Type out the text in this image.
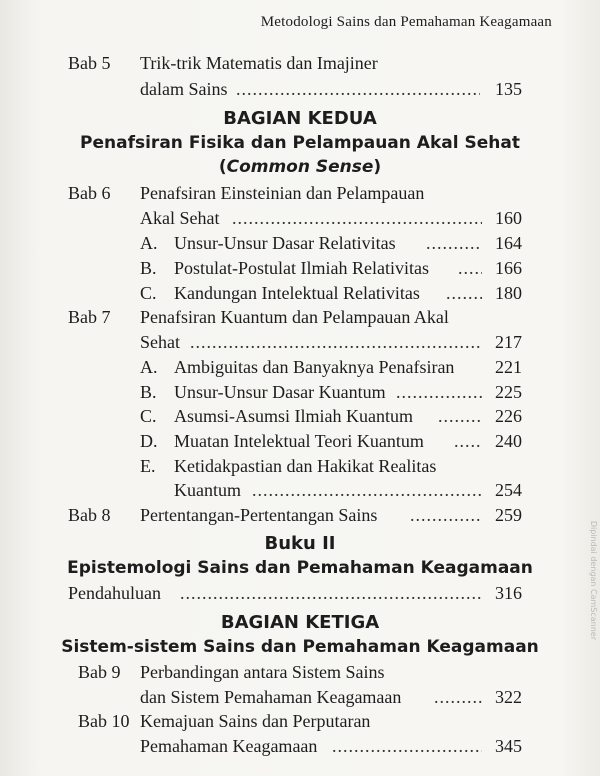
Metodologi Sains dan Pemahaman Keagamaan
Bab 5 Trik-trik Matematis dan Imajiner
dalam Sains .....	135
BAGIAN KEDUA
Penafsiran Fisika dan Pelampauan Akal Sehat
(Common Sense)
Bab 6 Penafsiran Einsteinian dan Pelampauan
Akal Sehat .....	160
A. Unsur-Unsur Dasar Relativitas .....	164
B. Postulat-Postulat Ilmiah Relativitas .....	166
C. Kandungan Intelektual Relativitas .....	180
Bab 7 Penafsiran Kuantum dan Pelampauan Akal
Sehat .....	217
A. Ambiguitas dan Banyaknya Penafsiran 221
B. Unsur-Unsur Dasar Kuantum .....	225
C. Asumsi-Asumsi Ilmiah Kuantum .....	226
D. Muatan Intelektual Teori Kuantum .....	240
E. Ketidakpastian dan Hakikat Realitas
Kuantum .....	254
Bab 8 Pertentangan-Pertentangan Sains .....	259
Buku II
Epistemologi Sains dan Pemahaman Keagamaan
Pendahuluan .....	316
BAGIAN KETIGA
Sistem-sistem Sains dan Pemahaman Keagamaan
Bab 9 Perbandingan antara Sistem Sains
dan Sistem Pemahaman Keagamaan .....	322
Bab 10 Kemajuan Sains dan Perputaran
Pemahaman Keagamaan .....	345
Dipindai dengan CamScanner
